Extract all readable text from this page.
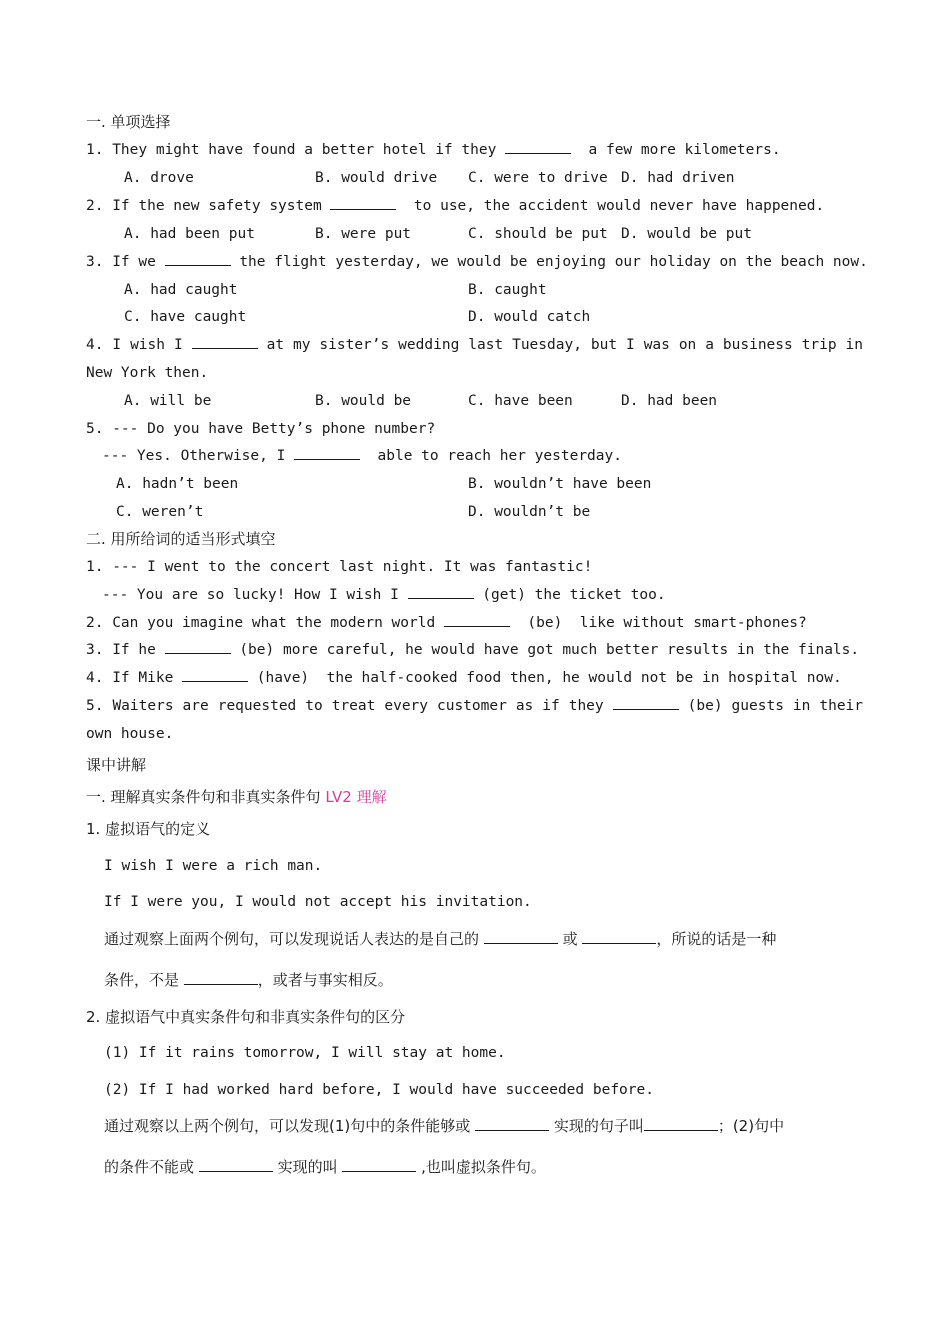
一. 单项选择
1. They might have found a better hotel if they	a few more kilometers.
A. drove	B. would drive C. were to drive D. had driven
2. If the new safety system	to use, the accident would never have happened.
A. had been put	B. were put	C. should be put D. would be put
3. If we	the flight yesterday, we would be enjoying our holiday on the beach now.
A. had caught	B. caught
C. have caught	D. would catch
4. I wish I	at my sister’s wedding last Tuesday, but I was on a business trip in
New York then.
A. will be	B. would be	C. have been	D. had been
5. --- Do you have Betty’s phone number?
--- Yes. Otherwise, I	able to reach her yesterday.
A. hadn’t been	B. wouldn’t have been
C. weren’t	D. wouldn’t be
二. 用所给词的适当形式填空
1. --- I went to the concert last night. It was fantastic!
--- You are so lucky! How I wish I	(get) the ticket too.
2. Can you imagine what the modern world	(be)  like without smart-phones?
3. If he	(be) more careful, he would have got much better results in the finals.
4. If Mike	(have)  the half-cooked food then, he would not be in hospital now.
5. Waiters are requested to treat every customer as if they	(be) guests in their
own house.
课中讲解
一. 理解真实条件句和非真实条件句 LV2 理解
1. 虚拟语气的定义
I wish I were a rich man.
If I were you, I would not accept his invitation.
通过观察上面两个例句，可以发现说话人表达的是自己的	或	，所说的话是一种
条件，不是	，或者与事实相反。
2. 虚拟语气中真实条件句和非真实条件句的区分
(1) If it rains tomorrow, I will stay at home.
(2) If I had worked hard before, I would have succeeded before.
通过观察以上两个例句，可以发现(1)句中的条件能够或	实现的句子叫	；(2)句中
的条件不能或	实现的叫	,也叫虚拟条件句。
